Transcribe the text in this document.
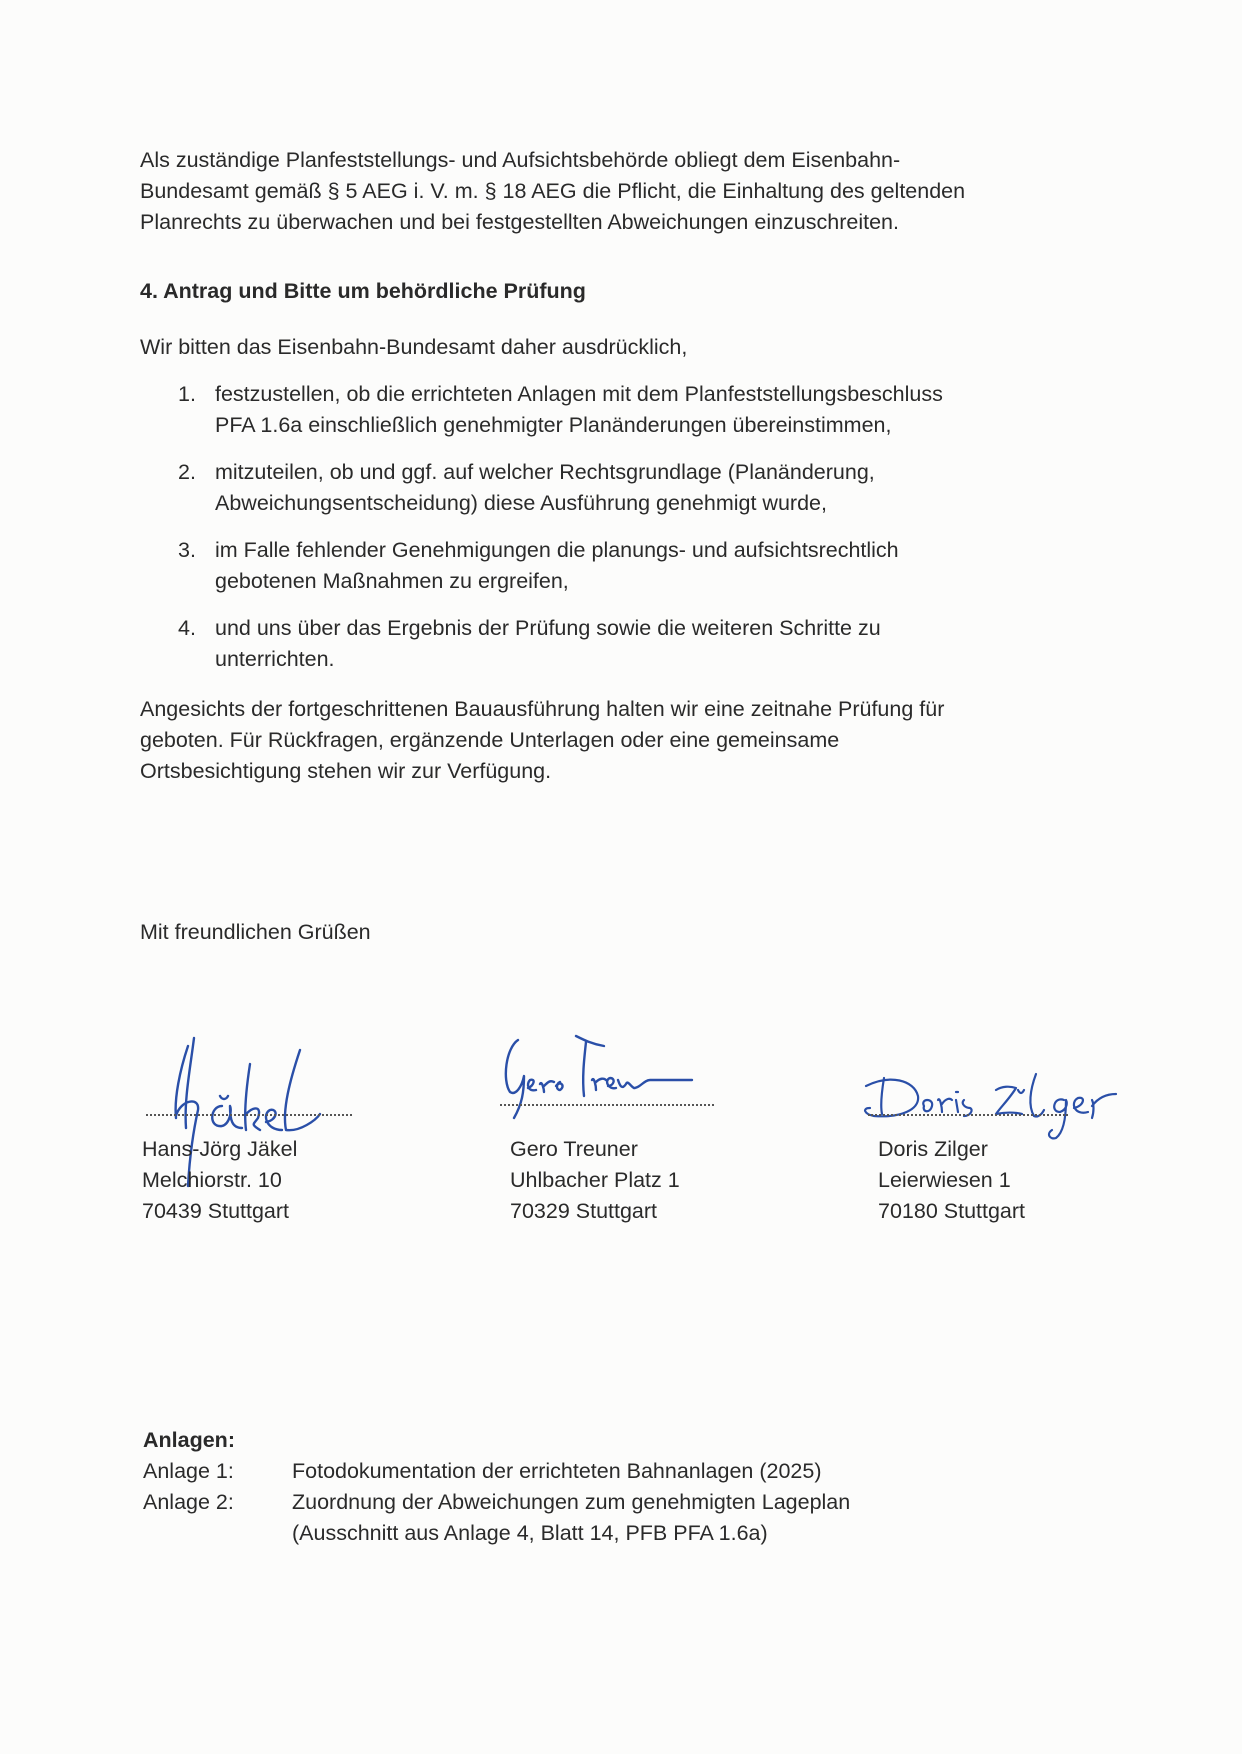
Als zuständige Planfeststellungs- und Aufsichtsbehörde obliegt dem Eisenbahn-

Bundesamt gemäß § 5 AEG i. V. m. § 18 AEG die Pflicht, die Einhaltung des geltenden

Planrechts zu überwachen und bei festgestellten Abweichungen einzuschreiten.

4. Antrag und Bitte um behördliche Prüfung

Wir bitten das Eisenbahn-Bundesamt daher ausdrücklich,

1. festzustellen, ob die errichteten Anlagen mit dem Planfeststellungsbeschluss
PFA 1.6a einschließlich genehmigter Planänderungen übereinstimmen,
2. mitzuteilen, ob und ggf. auf welcher Rechtsgrundlage (Planänderung,
Abweichungsentscheidung) diese Ausführung genehmigt wurde,
3. im Falle fehlender Genehmigungen die planungs- und aufsichtsrechtlich
gebotenen Maßnahmen zu ergreifen,
4. und uns über das Ergebnis der Prüfung sowie die weiteren Schritte zu
unterrichten.

Angesichts der fortgeschrittenen Bauausführung halten wir eine zeitnahe Prüfung für

geboten. Für Rückfragen, ergänzende Unterlagen oder eine gemeinsame

Ortsbesichtigung stehen wir zur Verfügung.

Mit freundlichen Grüßen

Hans-Jörg Jäkel
Melchiorstr. 10
70439 Stuttgart
Gero Treuner
Uhlbacher Platz 1
70329 Stuttgart
Doris Zilger
Leierwiesen 1
70180 Stuttgart

Anlagen:

Anlage 1:	Fotodokumentation der errichteten Bahnanlagen (2025)
Anlage 2:	Zuordnung der Abweichungen zum genehmigten Lageplan
(Ausschnitt aus Anlage 4, Blatt 14, PFB PFA 1.6a)
